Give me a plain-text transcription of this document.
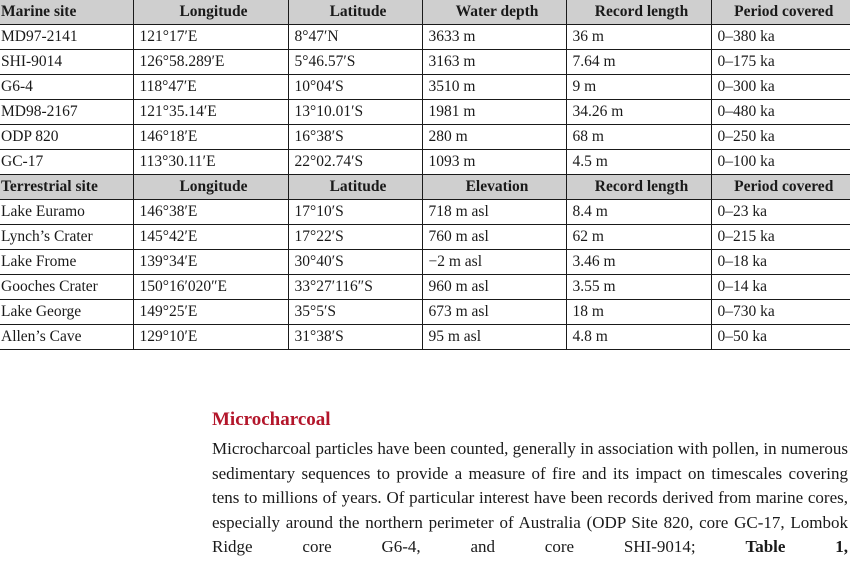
Marine site	Longitude	Latitude	Water depth	Record length	Period covered
MD97-2141	121°17′E	8°47′N	3633 m	36 m	0–380 ka
SHI-9014	126°58.289′E	5°46.57′S	3163 m	7.64 m	0–175 ka
G6-4	118°47′E	10°04′S	3510 m	9 m	0–300 ka
MD98-2167	121°35.14′E	13°10.01′S	1981 m	34.26 m	0–480 ka
ODP 820	146°18′E	16°38′S	280 m	68 m	0–250 ka
GC-17	113°30.11′E	22°02.74′S	1093 m	4.5 m	0–100 ka
Terrestrial site	Longitude	Latitude	Elevation	Record length	Period covered
Lake Euramo	146°38′E	17°10′S	718 m asl	8.4 m	0–23 ka
Lynch’s Crater	145°42′E	17°22′S	760 m asl	62 m	0–215 ka
Lake Frome	139°34′E	30°40′S	−2 m asl	3.46 m	0–18 ka
Gooches Crater	150°16′020″E	33°27′116″S	960 m asl	3.55 m	0–14 ka
Lake George	149°25′E	35°5′S	673 m asl	18 m	0–730 ka
Allen’s Cave	129°10′E	31°38′S	95 m asl	4.8 m	0–50 ka
Microcharcoal

Microcharcoal particles have been counted, generally in association with pollen, in numerous sedimentary sequences to provide a measure of fire and its impact on timescales covering tens to millions of years. Of particular interest have been records derived from marine cores, especially around the northern perimeter of Australia (ODP Site 820, core GC-17, Lombok Ridge core G6-4, and core SHI-9014; Table 1,
